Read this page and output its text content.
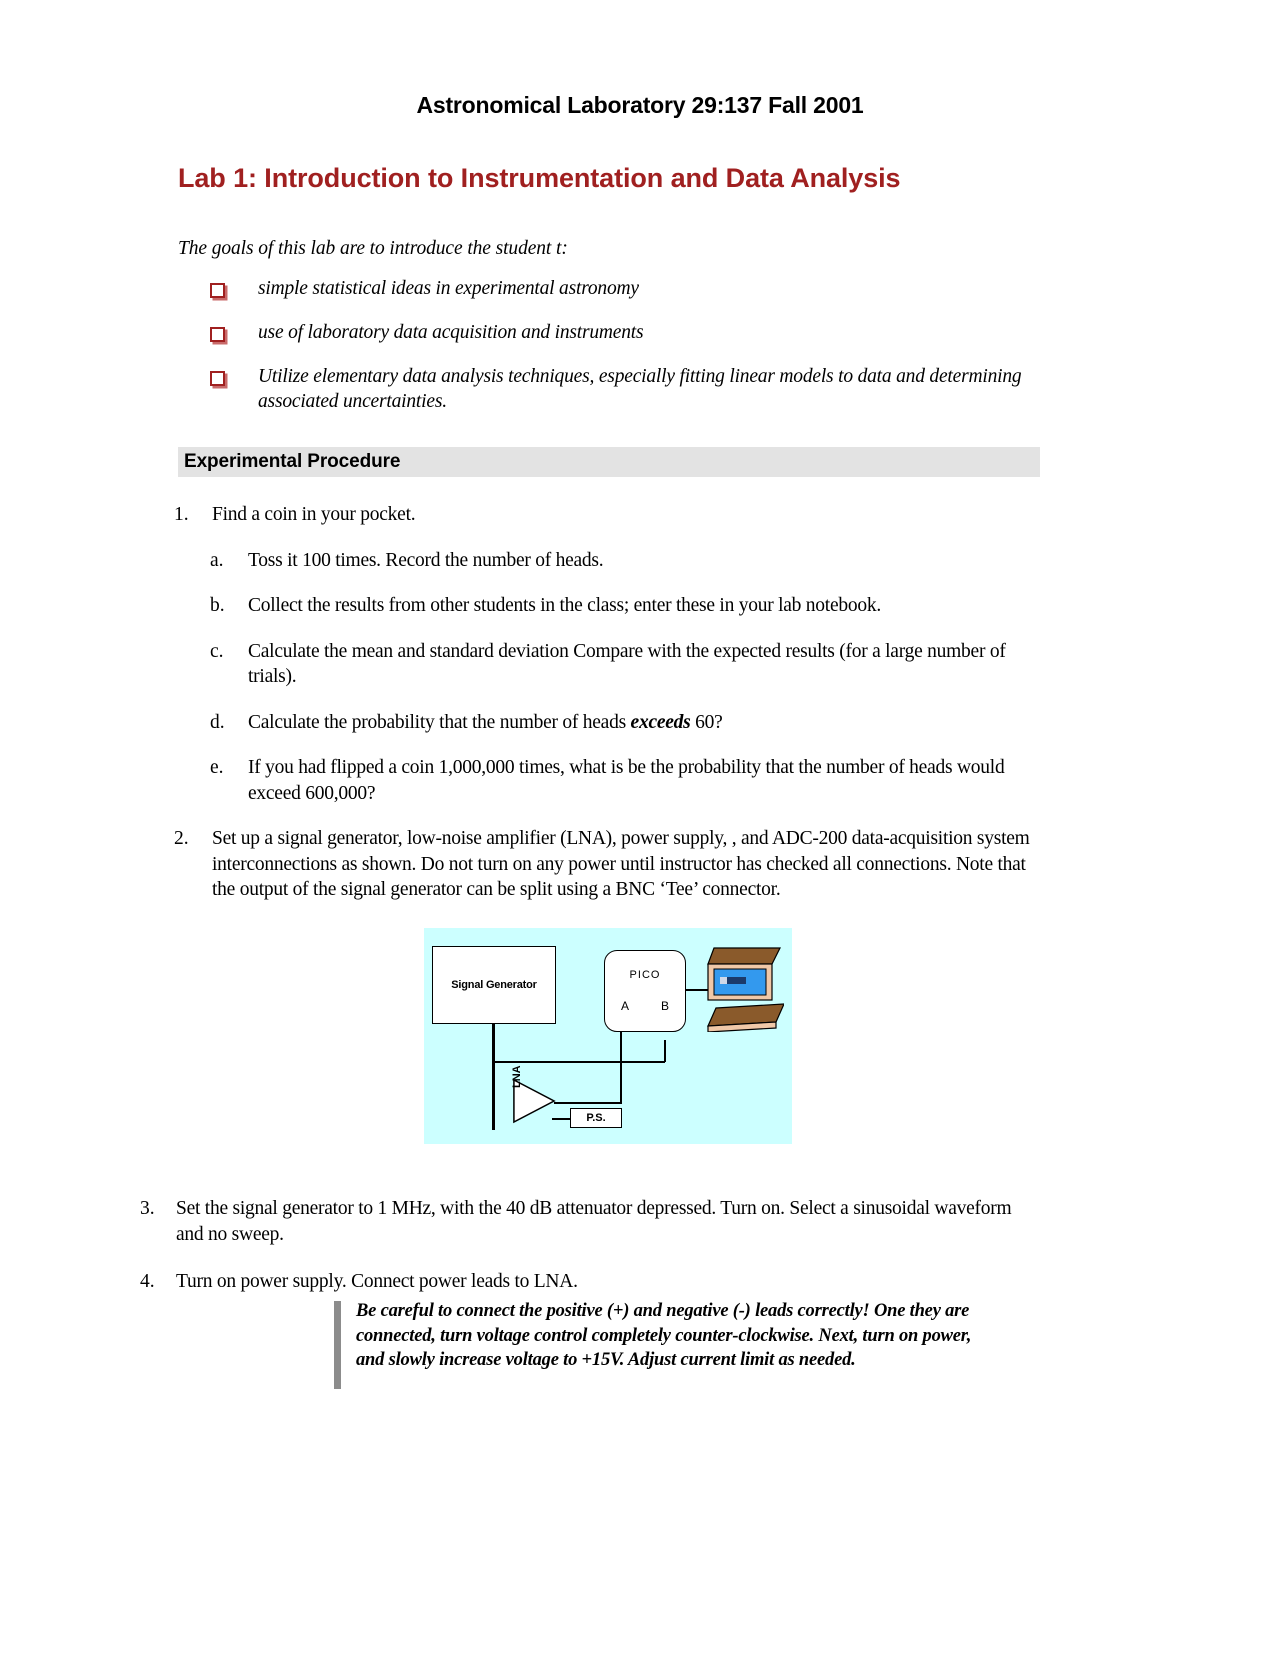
Astronomical Laboratory 29:137 Fall 2001
Lab 1: Introduction to Instrumentation and Data Analysis
The goals of this lab are to introduce the student t:
simple statistical ideas in experimental astronomy
use of laboratory data acquisition and instruments
Utilize elementary data analysis techniques, especially fitting linear models to data and determining associated uncertainties.
Experimental Procedure
1.	Find a coin in your pocket.
a.	Toss it 100 times. Record the number of heads.
b.	Collect the results from other students in the class; enter these in your lab notebook.
c.	Calculate the mean and standard deviation Compare with the expected results (for a large number of trials).
d.	Calculate the probability that the number of heads exceeds 60?
e.	If you had flipped a coin 1,000,000 times, what is be the probability that the number of heads would exceed 600,000?
2.	Set up a signal generator, low-noise amplifier (LNA), power supply, , and ADC-200 data-acquisition system interconnections as shown. Do not turn on any power until instructor has checked all connections. Note that the output of the signal generator can be split using a BNC ‘Tee’ connector.
Signal Generator
PICO
A	B
LNA
P.S.
3.	Set the signal generator to 1 MHz, with the 40 dB attenuator depressed. Turn on. Select a sinusoidal waveform and no sweep.
4.	Turn on power supply. Connect power leads to LNA.
Be careful to connect the positive (+) and negative (-) leads correctly! One they are connected, turn voltage control completely counter-clockwise. Next, turn on power, and slowly increase voltage to +15V. Adjust current limit as needed.
